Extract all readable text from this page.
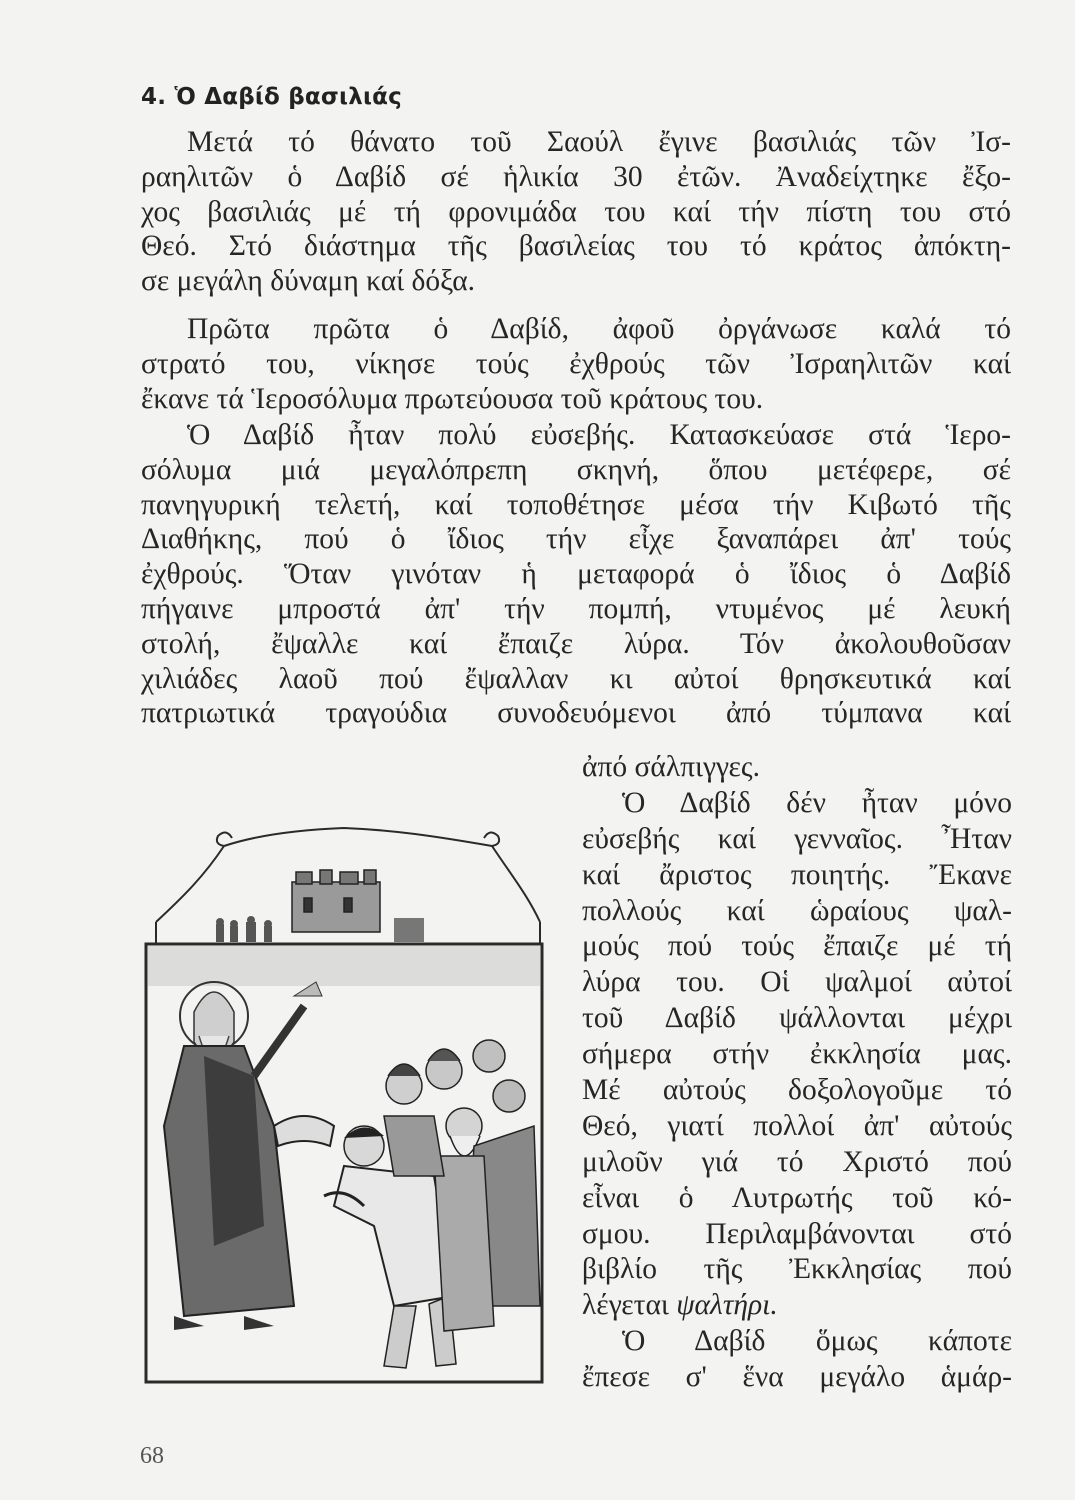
4. Ὁ Δαβίδ βασιλιάς
Μετά τό θάνατο τοῦ Σαούλ ἔγινε βασιλιάς τῶν Ἰσ-
ραηλιτῶν ὁ Δαβίδ σέ ἡλικία 30 ἐτῶν. Ἀναδείχτηκε ἔξο-
χος βασιλιάς μέ τή φρονιμάδα του καί τήν πίστη του στό
Θεό. Στό διάστημα τῆς βασιλείας του τό κράτος ἀπόκτη-
σε μεγάλη δύναμη καί δόξα.
Πρῶτα πρῶτα ὁ Δαβίδ, ἀφοῦ ὀργάνωσε καλά τό
στρατό του, νίκησε τούς ἐχθρούς τῶν Ἰσραηλιτῶν καί
ἔκανε τά Ἱεροσόλυμα πρωτεύουσα τοῦ κράτους του.
Ὁ Δαβίδ ἦταν πολύ εὐσεβής. Κατασκεύασε στά Ἱερο-
σόλυμα μιά μεγαλόπρεπη σκηνή, ὅπου μετέφερε, σέ
πανηγυρική τελετή, καί τοποθέτησε μέσα τήν Κιβωτό τῆς
Διαθήκης, πού ὁ ἴδιος τήν εἶχε ξαναπάρει ἀπ' τούς
ἐχθρούς. Ὅταν γινόταν ἡ μεταφορά ὁ ἴδιος ὁ Δαβίδ
πήγαινε μπροστά ἀπ' τήν πομπή, ντυμένος μέ λευκή
στολή, ἔψαλλε καί ἔπαιζε λύρα. Τόν ἀκολουθοῦσαν
χιλιάδες λαοῦ πού ἔψαλλαν κι αὐτοί θρησκευτικά καί
πατριωτικά τραγούδια συνοδευόμενοι ἀπό τύμπανα καί
ἀπό σάλπιγγες.
Ὁ Δαβίδ δέν ἦταν μόνο
εὐσεβής καί γενναῖος. Ἦταν
καί ἄριστος ποιητής. Ἔκανε
πολλούς καί ὡραίους ψαλ-
μούς πού τούς ἔπαιζε μέ τή
λύρα του. Οἱ ψαλμοί αὐτοί
τοῦ Δαβίδ ψάλλονται μέχρι
σήμερα στήν ἐκκλησία μας.
Μέ αὐτούς δοξολογοῦμε τό
Θεό, γιατί πολλοί ἀπ' αὐτούς
μιλοῦν γιά τό Χριστό πού
εἶναι ὁ Λυτρωτής τοῦ κό-
σμου. Περιλαμβάνονται στό
βιβλίο τῆς Ἐκκλησίας πού
λέγεται ψαλτήρι.
Ὁ Δαβίδ ὅμως κάποτε
ἔπεσε σ' ἕνα μεγάλο ἁμάρ-
68
